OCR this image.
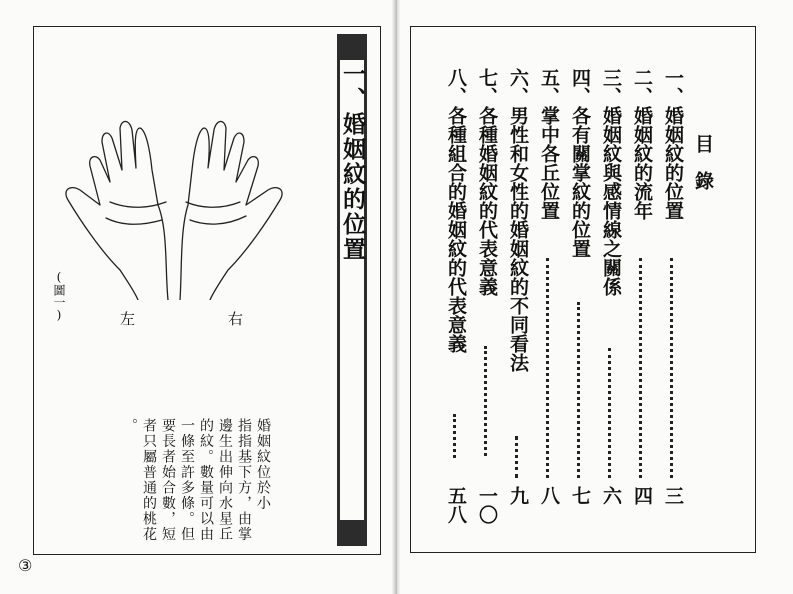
一、婚姻紋的位置
(圖一)	左	右
婚姻紋位於小
指指基下方，由掌
邊生出伸向水星丘
的紋。數量可以由
一條至許多條。但
要長者始合數，短
者只屬普通的桃花
。
③
目錄
一、婚姻紋的位置
三
二、婚姻紋的流年
四
三、婚姻紋與感情線之關係
六
四、各有關掌紋的位置
七
五、掌中各丘位置
八
六、男性和女性的婚姻紋的不同看法
九
七、各種婚姻紋的代表意義
一〇
八、各種組合的婚姻紋的代表意義
五八
